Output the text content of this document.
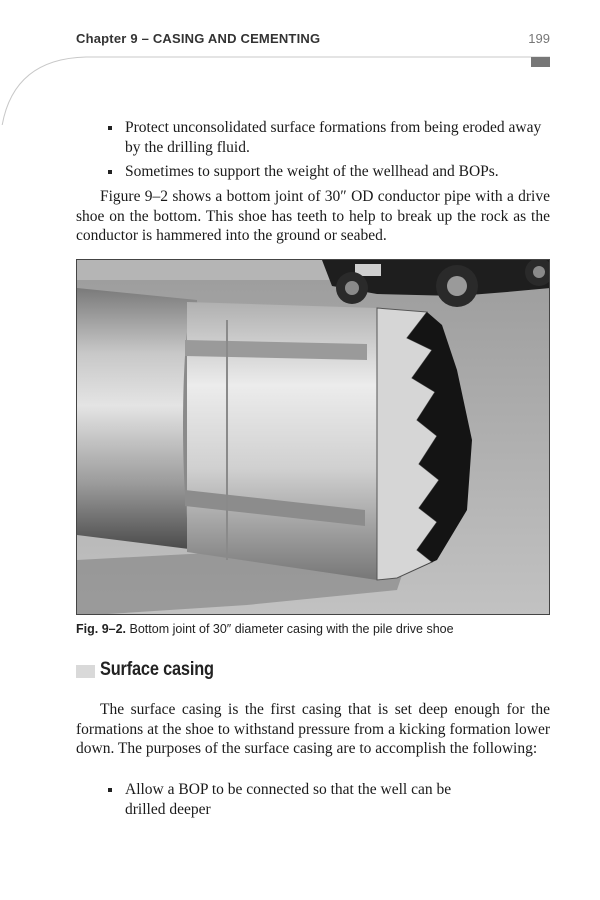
Chapter 9 – CASING AND CEMENTING	199
Protect unconsolidated surface formations from being eroded away by the drilling fluid.
Sometimes to support the weight of the wellhead and BOPs.

Figure 9–2 shows a bottom joint of 30″ OD conductor pipe with a drive shoe on the bottom. This shoe has teeth to help to break up the rock as the conductor is hammered into the ground or seabed.

Fig. 9–2. Bottom joint of 30″ diameter casing with the pile drive shoe
Surface casing

The surface casing is the first casing that is set deep enough for the formations at the shoe to withstand pressure from a kicking formation lower down. The purposes of the surface casing are to accomplish the following:

Allow a BOP to be connected so that the well can be drilled deeper
